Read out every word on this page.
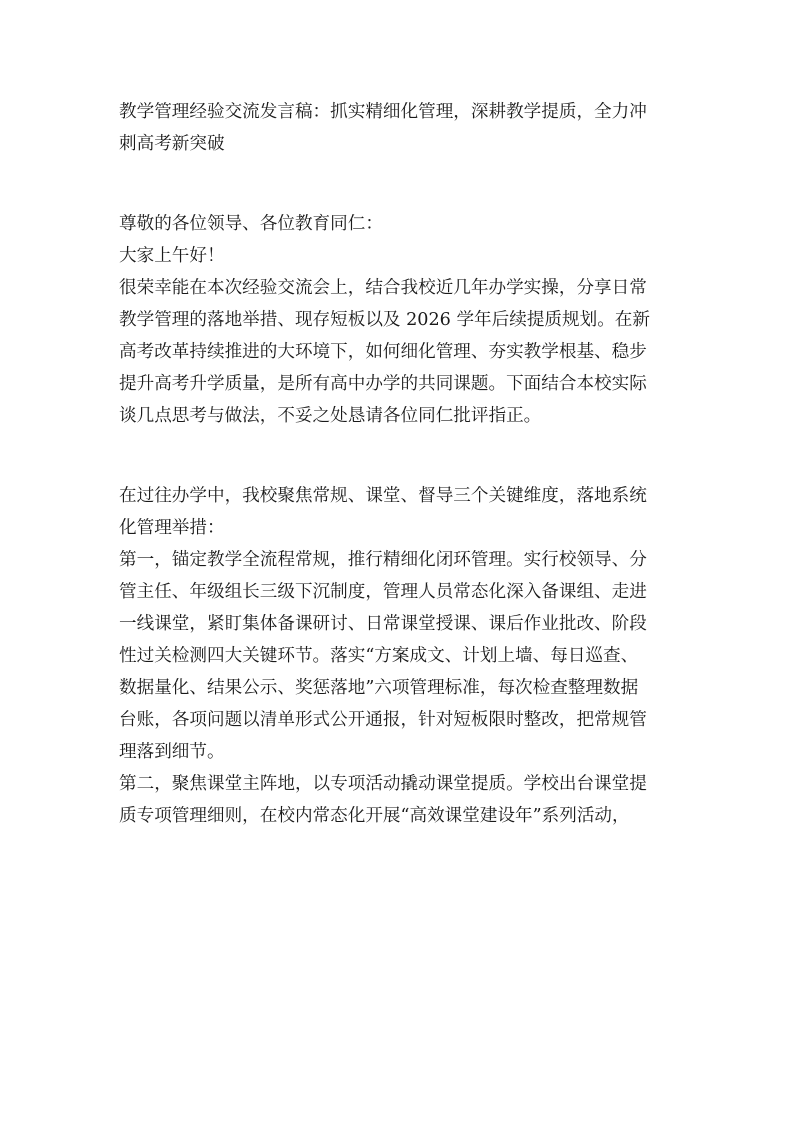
教学管理经验交流发言稿：抓实精细化管理，深耕教学提质，全力冲
刺高考新突破
尊敬的各位领导、各位教育同仁：
大家上午好！
很荣幸能在本次经验交流会上，结合我校近几年办学实操，分享日常
教学管理的落地举措、现存短板以及 2026 学年后续提质规划。在新
高考改革持续推进的大环境下，如何细化管理、夯实教学根基、稳步
提升高考升学质量，是所有高中办学的共同课题。下面结合本校实际
谈几点思考与做法，不妥之处恳请各位同仁批评指正。
在过往办学中，我校聚焦常规、课堂、督导三个关键维度，落地系统
化管理举措：
第一，锚定教学全流程常规，推行精细化闭环管理。实行校领导、分
管主任、年级组长三级下沉制度，管理人员常态化深入备课组、走进
一线课堂，紧盯集体备课研讨、日常课堂授课、课后作业批改、阶段
性过关检测四大关键环节。落实“方案成文、计划上墙、每日巡查、
数据量化、结果公示、奖惩落地”六项管理标准，每次检查整理数据
台账，各项问题以清单形式公开通报，针对短板限时整改，把常规管
理落到细节。
第二，聚焦课堂主阵地，以专项活动撬动课堂提质。学校出台课堂提
质专项管理细则，在校内常态化开展“高效课堂建设年”系列活动，
